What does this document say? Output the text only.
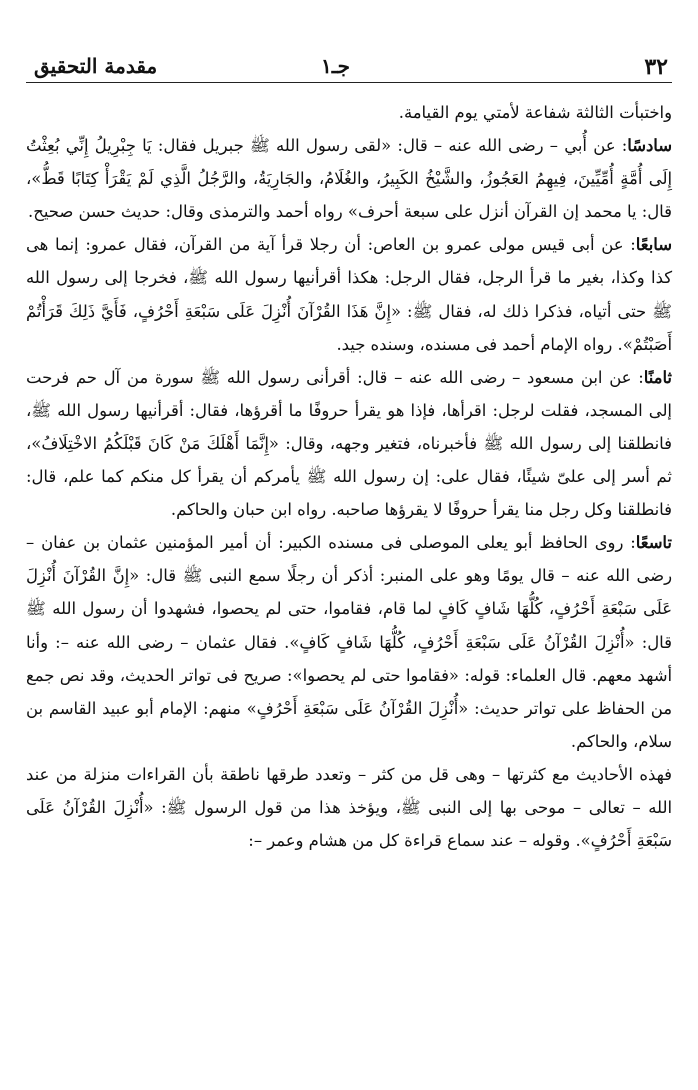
٣٢
جـ١
مقدمة التحقيق

واختبأت الثالثة شفاعة لأمتي يوم القيامة.

سادسًا: عن أُبي – رضى الله عنه – قال: «لقى رسول الله ﷺ جبريل فقال: يَا جِبْرِيلُ إِنِّي بُعِثْتُ إِلَى أُمَّةٍ أُمِّيِّينَ، فِيهِمُ العَجُوزُ، والشَّيْخُ الكَبِيرُ، والغُلَامُ، والجَارِيَةُ، والرَّجُلُ الَّذِي لَمْ يَقْرَأْ كِتَابًا قَطُّ»، قال: يا محمد إن القرآن أنزل على سبعة أحرف» رواه أحمد والترمذى وقال: حديث حسن صحيح.

سابعًا: عن أبى قيس مولى عمرو بن العاص: أن رجلا قرأ آية من القرآن، فقال عمرو: إنما هى كذا وكذا، بغير ما قرأ الرجل، فقال الرجل: هكذا أقرأنيها رسول الله ﷺ، فخرجا إلى رسول الله ﷺ حتى أتياه، فذكرا ذلك له، فقال ﷺ: «إِنَّ هَذَا القُرْآنَ أُنْزِلَ عَلَى سَبْعَةِ أَحْرُفٍ، فَأَيَّ ذَلِكَ قَرَأْتُمْ أَصَبْتُمْ». رواه الإمام أحمد فى مسنده، وسنده جيد.

ثامنًا: عن ابن مسعود – رضى الله عنه – قال: أقرأنى رسول الله ﷺ سورة من آل حم فرحت إلى المسجد، فقلت لرجل: اقرأها، فإذا هو يقرأ حروفًا ما أقرؤها، فقال: أقرأنيها رسول الله ﷺ، فانطلقنا إلى رسول الله ﷺ فأخبرناه، فتغير وجهه، وقال: «إِنَّمَا أَهْلَكَ مَنْ كَانَ قَبْلَكُمُ الاخْتِلَافُ»، ثم أسر إلى علىّ شيئًا، فقال على: إن رسول الله ﷺ يأمركم أن يقرأ كل منكم كما علم، قال: فانطلقنا وكل رجل منا يقرأ حروفًا لا يقرؤها صاحبه. رواه ابن حبان والحاكم.

تاسعًا: روى الحافظ أبو يعلى الموصلى فى مسنده الكبير: أن أمير المؤمنين عثمان بن عفان – رضى الله عنه – قال يومًا وهو على المنبر: أذكر أن رجلًا سمع النبى ﷺ قال: «إِنَّ القُرْآنَ أُنْزِلَ عَلَى سَبْعَةِ أَحْرُفٍ، كُلُّهَا شَافٍ كَافٍ لما قام، فقاموا، حتى لم يحصوا، فشهدوا أن رسول الله ﷺ قال: «أُنْزِلَ القُرْآنُ عَلَى سَبْعَةِ أَحْرُفٍ، كُلُّهَا شَافٍ كَافٍ». فقال عثمان – رضى الله عنه –: وأنا أشهد معهم. قال العلماء: قوله: «فقاموا حتى لم يحصوا»: صريح فى تواتر الحديث، وقد نص جمع من الحفاظ على تواتر حديث: «أُنْزِلَ القُرْآنُ عَلَى سَبْعَةِ أَحْرُفٍ» منهم: الإمام أبو عبيد القاسم بن سلام، والحاكم.

فهذه الأحاديث مع كثرتها – وهى قل من كثر – وتعدد طرقها ناطقة بأن القراءات منزلة من عند الله – تعالى – موحى بها إلى النبى ﷺ، ويؤخذ هذا من قول الرسول ﷺ: «أُنْزِلَ القُرْآنُ عَلَى سَبْعَةِ أَحْرُفٍ». وقوله – عند سماع قراءة كل من هشام وعمر –:
